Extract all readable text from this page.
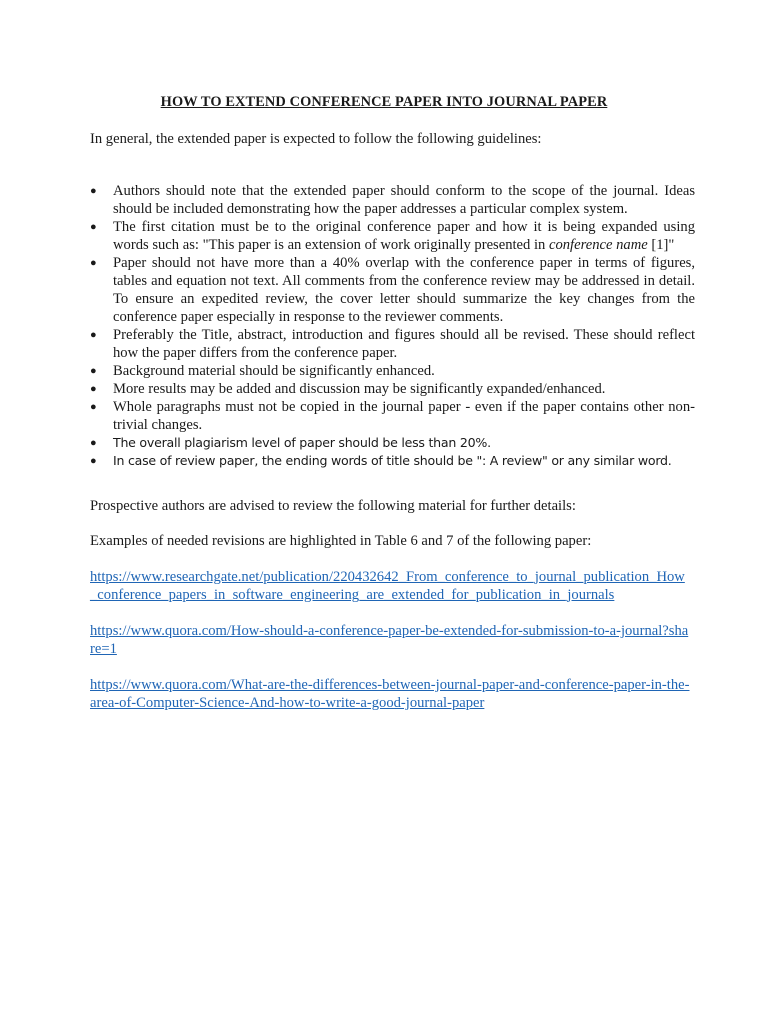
HOW TO EXTEND CONFERENCE PAPER INTO JOURNAL PAPER
In general, the extended paper is expected to follow the following guidelines:
●	Authors should note that the extended paper should conform to the scope of the journal. Ideas should be included demonstrating how the paper addresses a particular complex system.
●	The first citation must be to the original conference paper and how it is being expanded using words such as: "This paper is an extension of work originally presented in conference name [1]"
●	Paper should not have more than a 40% overlap with the conference paper in terms of figures, tables and equation not text. All comments from the conference review may be addressed in detail. To ensure an expedited review, the cover letter should summarize the key changes from the conference paper especially in response to the reviewer comments.
●	Preferably the Title, abstract, introduction and figures should all be revised. These should reflect how the paper differs from the conference paper.
●	Background material should be significantly enhanced.
●	More results may be added and discussion may be significantly expanded/enhanced.
●	Whole paragraphs must not be copied in the journal paper - even if the paper contains other non-trivial changes.
●	The overall plagiarism level of paper should be less than 20%.
●	In case of review paper, the ending words of title should be ": A review" or any similar word.
Prospective authors are advised to review the following material for further details:
Examples of needed revisions are highlighted in Table 6 and 7 of the following paper:
https://www.researchgate.net/publication/220432642_From_conference_to_journal_publication_How_conference_papers_in_software_engineering_are_extended_for_publication_in_journals
https://www.quora.com/How-should-a-conference-paper-be-extended-for-submission-to-a-journal?share=1
https://www.quora.com/What-are-the-differences-between-journal-paper-and-conference-paper-in-the-area-of-Computer-Science-And-how-to-write-a-good-journal-paper
